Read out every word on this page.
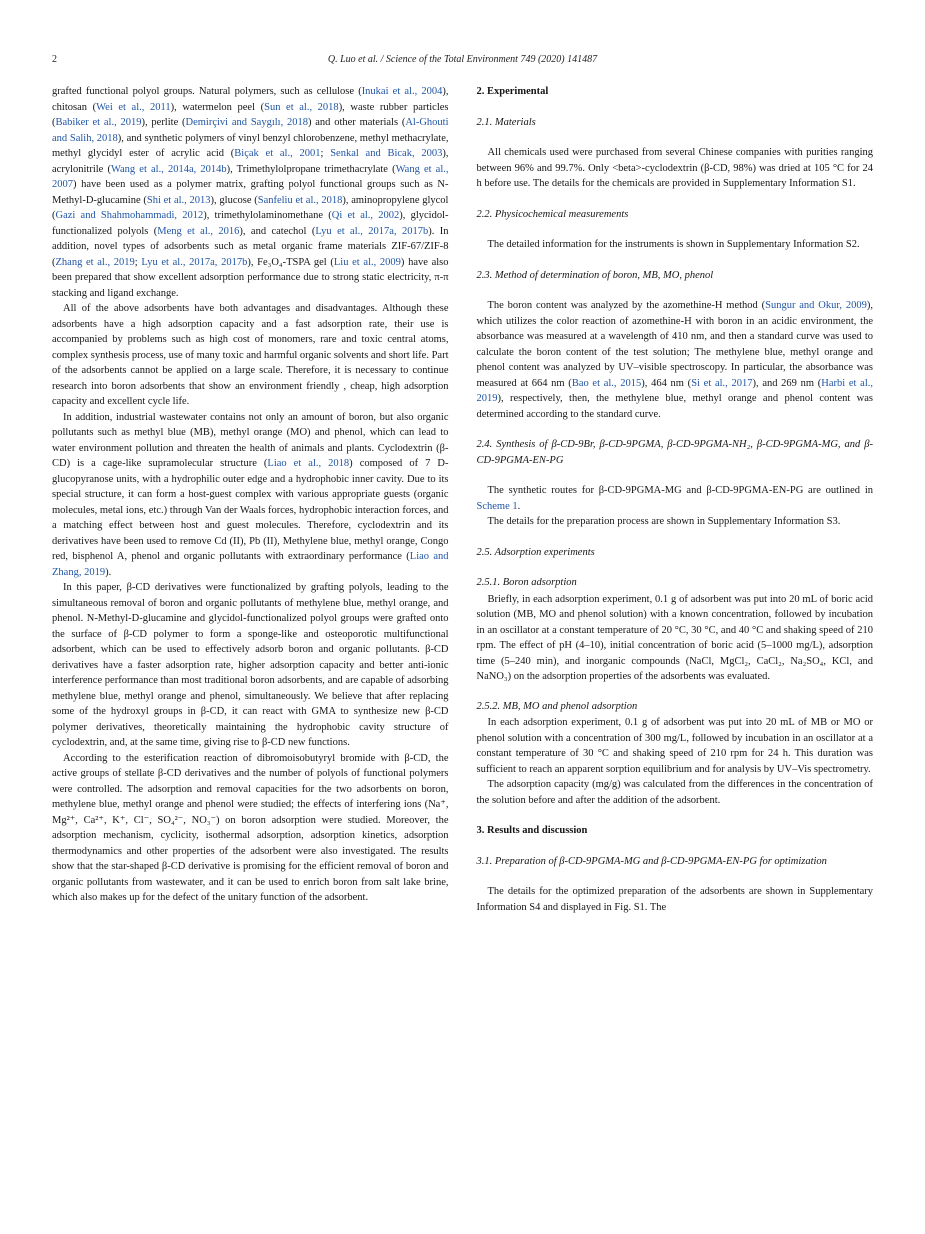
2	Q. Luo et al. / Science of the Total Environment 749 (2020) 141487

grafted functional polyol groups. Natural polymers, such as cellulose (Inukai et al., 2004), chitosan (Wei et al., 2011), watermelon peel (Sun et al., 2018), waste rubber particles (Babiker et al., 2019), perlite (Demirçivi and Saygılı, 2018) and other materials (Al-Ghouti and Salih, 2018), and synthetic polymers of vinyl benzyl chlorobenzene, methyl methacrylate, methyl glycidyl ester of acrylic acid (Biçak et al., 2001; Senkal and Bicak, 2003), acrylonitrile (Wang et al., 2014a, 2014b), Trimethylolpropane trimethacrylate (Wang et al., 2007) have been used as a polymer matrix, grafting polyol functional groups such as N-Methyl-D-glucamine (Shi et al., 2013), glucose (Sanfeliu et al., 2018), aminopropylene glycol (Gazi and Shahmohammadi, 2012), trimethylolaminomethane (Qi et al., 2002), glycidol-functionalized polyols (Meng et al., 2016), and catechol (Lyu et al., 2017a, 2017b). In addition, novel types of adsorbents such as metal organic frame materials ZIF-67/ZIF-8 (Zhang et al., 2019; Lyu et al., 2017a, 2017b), Fe₃O₄-TSPA gel (Liu et al., 2009) have also been prepared that show excellent adsorption performance due to strong static electricity, π-π stacking and ligand exchange.

All of the above adsorbents have both advantages and disadvantages. Although these adsorbents have a high adsorption capacity and a fast adsorption rate, their use is accompanied by problems such as high cost of monomers, rare and toxic central atoms, complex synthesis process, use of many toxic and harmful organic solvents and short life. Part of the adsorbents cannot be applied on a large scale. Therefore, it is necessary to continue research into boron adsorbents that show an environment friendly , cheap, high adsorption capacity and excellent cycle life.

In addition, industrial wastewater contains not only an amount of boron, but also organic pollutants such as methyl blue (MB), methyl orange (MO) and phenol, which can lead to water environment pollution and threaten the health of animals and plants. Cyclodextrin (β-CD) is a cage-like supramolecular structure (Liao et al., 2018) composed of 7 D-glucopyranose units, with a hydrophilic outer edge and a hydrophobic inner cavity. Due to its special structure, it can form a host-guest complex with various appropriate guests (organic molecules, metal ions, etc.) through Van der Waals forces, hydrophobic interaction forces, and a matching effect between host and guest molecules. Therefore, cyclodextrin and its derivatives have been used to remove Cd (II), Pb (II), Methylene blue, methyl orange, Congo red, bisphenol A, phenol and organic pollutants with extraordinary performance (Liao and Zhang, 2019).

In this paper, β-CD derivatives were functionalized by grafting polyols, leading to the simultaneous removal of boron and organic pollutants of methylene blue, methyl orange, and phenol. N-Methyl-D-glucamine and glycidol-functionalized polyol groups were grafted onto the surface of β-CD polymer to form a sponge-like and osteoporotic multifunctional adsorbent, which can be used to effectively adsorb boron and organic pollutants. β-CD derivatives have a faster adsorption rate, higher adsorption capacity and better anti-ionic interference performance than most traditional boron adsorbents, and are capable of adsorbing methylene blue, methyl orange and phenol, simultaneously. We believe that after replacing some of the hydroxyl groups in β-CD, it can react with GMA to synthesize new β-CD polymer derivatives, theoretically maintaining the hydrophobic cavity structure of cyclodextrin, and, at the same time, giving rise to β-CD new functions.

According to the esterification reaction of dibromoisobutyryl bromide with β-CD, the active groups of stellate β-CD derivatives and the number of polyols of functional polymers were controlled. The adsorption and removal capacities for the two adsorbents on boron, methylene blue, methyl orange and phenol were studied; the effects of interfering ions (Na⁺, Mg²⁺, Ca²⁺, K⁺, Cl⁻, SO₄²⁻, NO₃⁻) on boron adsorption were studied. Moreover, the adsorption mechanism, cyclicity, isothermal adsorption, adsorption kinetics, adsorption thermodynamics and other properties of the adsorbent were also investigated. The results show that the star-shaped β-CD derivative is promising for the efficient removal of boron and organic pollutants from wastewater, and it can be used to enrich boron from salt lake brine, which also makes up for the defect of the unitary function of the adsorbent.

2. Experimental
2.1. Materials

All chemicals used were purchased from several Chinese companies with purities ranging between 96% and 99.7%. Only <beta>-cyclodextrin (β-CD, 98%) was dried at 105 °C for 24 h before use. The details for the chemicals are provided in Supplementary Information S1.

2.2. Physicochemical measurements

The detailed information for the instruments is shown in Supplementary Information S2.

2.3. Method of determination of boron, MB, MO, phenol

The boron content was analyzed by the azomethine-H method (Sungur and Okur, 2009), which utilizes the color reaction of azomethine-H with boron in an acidic environment, the absorbance was measured at a wavelength of 410 nm, and then a standard curve was used to calculate the boron content of the test solution; The methylene blue, methyl orange and phenol content was analyzed by UV–visible spectroscopy. In particular, the absorbance was measured at 664 nm (Bao et al., 2015), 464 nm (Si et al., 2017), and 269 nm (Harbi et al., 2019), respectively, then, the methylene blue, methyl orange and phenol content was determined according to the standard curve.

2.4. Synthesis of β-CD-9Br, β-CD-9PGMA, β-CD-9PGMA-NH₂, β-CD-9PGMA-MG, and β-CD-9PGMA-EN-PG

The synthetic routes for β-CD-9PGMA-MG and β-CD-9PGMA-EN-PG are outlined in Scheme 1.

The details for the preparation process are shown in Supplementary Information S3.

2.5. Adsorption experiments
2.5.1. Boron adsorption

Briefly, in each adsorption experiment, 0.1 g of adsorbent was put into 20 mL of boric acid solution (MB, MO and phenol solution) with a known concentration, followed by incubation in an oscillator at a constant temperature of 20 °C, 30 °C, and 40 °C and shaking speed of 210 rpm. The effect of pH (4–10), initial concentration of boric acid (5–1000 mg/L), adsorption time (5–240 min), and inorganic compounds (NaCl, MgCl₂, CaCl₂, Na₂SO₄, KCl, and NaNO₃) on the adsorption properties of the adsorbents was evaluated.

2.5.2. MB, MO and phenol adsorption

In each adsorption experiment, 0.1 g of adsorbent was put into 20 mL of MB or MO or phenol solution with a concentration of 300 mg/L, followed by incubation in an oscillator at a constant temperature of 30 °C and shaking speed of 210 rpm for 24 h. This duration was sufficient to reach an apparent sorption equilibrium and for analysis by UV–Vis spectrometry.

The adsorption capacity (mg/g) was calculated from the differences in the concentration of the solution before and after the addition of the adsorbent.

3. Results and discussion
3.1. Preparation of β-CD-9PGMA-MG and β-CD-9PGMA-EN-PG for optimization

The details for the optimized preparation of the adsorbents are shown in Supplementary Information S4 and displayed in Fig. S1. The
